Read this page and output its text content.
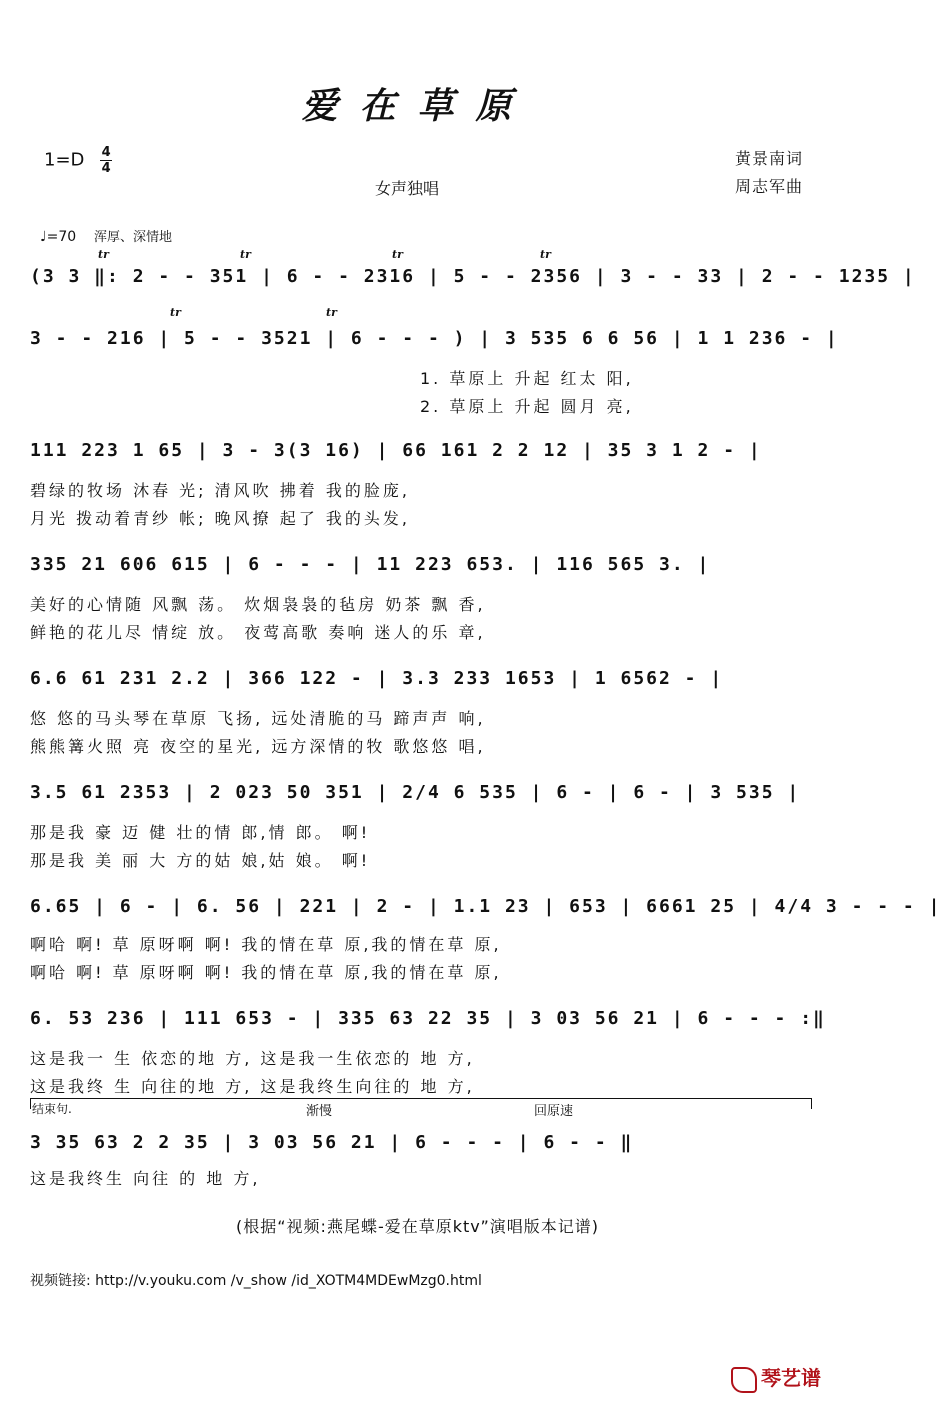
爱在草原
$1=D \frac{4}{4}$
女声独唱
黄景南词
周志军曲
♩=70 浑厚、深情地
tr	tr	tr	tr
tr	tr
(3 3 ‖: 2 - - 351 | 6 - - 2316 | 5 - - 2356 | 3 - - 33 | 2 - - 1235 |
3 - - 216 | 5 - - 3521 | 6 - - - ) | 3 535 6 6 56 | 1 1 236 - |
1. 草原上 升起 红太 阳,
2. 草原上 升起 圆月 亮,
111 223 1 65 | 3 - 3(3 16) | 66 161 2 2 12 | 35 3 1 2 - |
碧绿的牧场 沐春 光; 清风吹 拂着 我的脸庞,
月光 拨动着青纱 帐; 晚风撩 起了 我的头发,
335 21 606 615 | 6 - - - | 11 223 653. | 116 565 3. |
美好的心情随 风飘 荡。 炊烟袅袅的毡房 奶茶 飘 香,
鲜艳的花儿尽 情绽 放。 夜莺高歌 奏响 迷人的乐 章,
6.6 61 231 2.2 | 366 122 - | 3.3 233 1653 | 1 6562 - |
悠 悠的马头琴在草原 飞扬, 远处清脆的马 蹄声声 响,
熊熊篝火照 亮 夜空的星光, 远方深情的牧 歌悠悠 唱,
3.5 61 2353 | 2 023 50 351 | 2/4 6 535 | 6 - | 6 - | 3 535 |
那是我 豪 迈 健 壮的情 郎,情 郎。 啊!
那是我 美 丽 大 方的姑 娘,姑 娘。 啊!
6.65 | 6 - | 6. 56 | 221 | 2 - | 1.1 23 | 653 | 6661 25 | 4/4 3 - - - |
啊哈 啊! 草 原呀啊 啊! 我的情在草 原,我的情在草 原,
啊哈 啊! 草 原呀啊 啊! 我的情在草 原,我的情在草 原,
6. 53 236 | 111 653 - | 335 63 22 35 | 3 03 56 21 | 6 - - - :‖
这是我一 生 依恋的地 方, 这是我一生依恋的 地 方,
这是我终 生 向往的地 方, 这是我终生向往的 地 方,
结束句.	渐慢	回原速
3 35 63 2 2 35 | 3 03 56 21 | 6 - - - | 6 - - ‖
这是我终生 向往 的 地 方,
(根据“视频:燕尾蝶-爱在草原ktv”演唱版本记谱)
视频链接: http://v.youku.com /v_show /id_XOTM4MDEwMzg0.html
琴艺谱
